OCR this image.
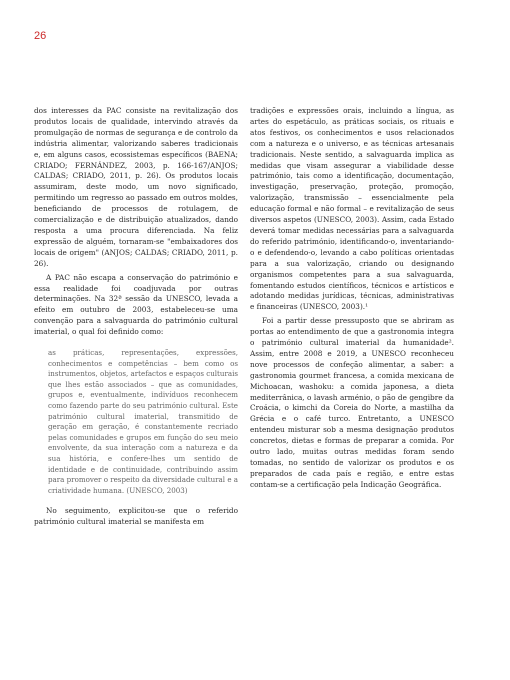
26

dos interesses da PAC consiste na revitalização dos produtos locais de qualidade, intervindo através da promulgação de normas de segurança e de controlo da indústria alimentar, valorizando saberes tradicionais e, em alguns casos, ecossistemas específicos (BAENA; CRIADO; FERNÁNDEZ, 2003, p. 166-167/ANJOS; CALDAS; CRIADO, 2011, p. 26). Os produtos locais assumiram, deste modo, um novo significado, permitindo um regresso ao passado em outros moldes, beneficiando de processos de rotulagem, de comercialização e de distribuição atualizados, dando resposta a uma procura diferenciada. Na feliz expressão de alguém, tornaram-se "embaixadores dos locais de origem" (ANJOS; CALDAS; CRIADO, 2011, p. 26).

A PAC não escapa a conservação do património e essa realidade foi coadjuvada por outras determinações. Na 32ª sessão da UNESCO, levada a efeito em outubro de 2003, estabeleceu-se uma convenção para a salvaguarda do património cultural imaterial, o qual foi definido como:

as práticas, representações, expressões, conhecimentos e competências – bem como os instrumentos, objetos, artefactos e espaços culturais que lhes estão associados – que as comunidades, grupos e, eventualmente, indivíduos reconhecem como fazendo parte do seu património cultural. Este património cultural imaterial, transmitido de geração em geração, é constantemente recriado pelas comunidades e grupos em função do seu meio envolvente, da sua interação com a natureza e da sua história, e confere-lhes um sentido de identidade e de continuidade, contribuindo assim para promover o respeito da diversidade cultural e a criatividade humana. (UNESCO, 2003)

No seguimento, explicitou-se que o referido património cultural imaterial se manifesta em

tradições e expressões orais, incluindo a língua, as artes do espetáculo, as práticas sociais, os rituais e atos festivos, os conhecimentos e usos relacionados com a natureza e o universo, e as técnicas artesanais tradicionais. Neste sentido, a salvaguarda implica as medidas que visam assegurar a viabilidade desse património, tais como a identificação, documentação, investigação, preservação, proteção, promoção, valorização, transmissão – essencialmente pela educação formal e não formal – e revitalização de seus diversos aspetos (UNESCO, 2003). Assim, cada Estado deverá tomar medidas necessárias para a salvaguarda do referido património, identificando-o, inventariando-o e defendendo-o, levando a cabo políticas orientadas para a sua valorização, criando ou designando organismos competentes para a sua salvaguarda, fomentando estudos científicos, técnicos e artísticos e adotando medidas jurídicas, técnicas, administrativas e financeiras (UNESCO, 2003).¹

Foi a partir desse pressuposto que se abriram as portas ao entendimento de que a gastronomia integra o património cultural imaterial da humanidade². Assim, entre 2008 e 2019, a UNESCO reconheceu nove processos de confeção alimentar, a saber: a gastronomia gourmet francesa, a comida mexicana de Michoacan, washoku: a comida japonesa, a dieta mediterrânica, o lavash arménio, o pão de gengibre da Croácia, o kimchi da Coreia do Norte, a mastilha da Grécia e o café turco. Entretanto, a UNESCO entendeu misturar sob a mesma designação produtos concretos, dietas e formas de preparar a comida. Por outro lado, muitas outras medidas foram sendo tomadas, no sentido de valorizar os produtos e os preparados de cada país e região, e entre estas contam-se a certificação pela Indicação Geográfica.
